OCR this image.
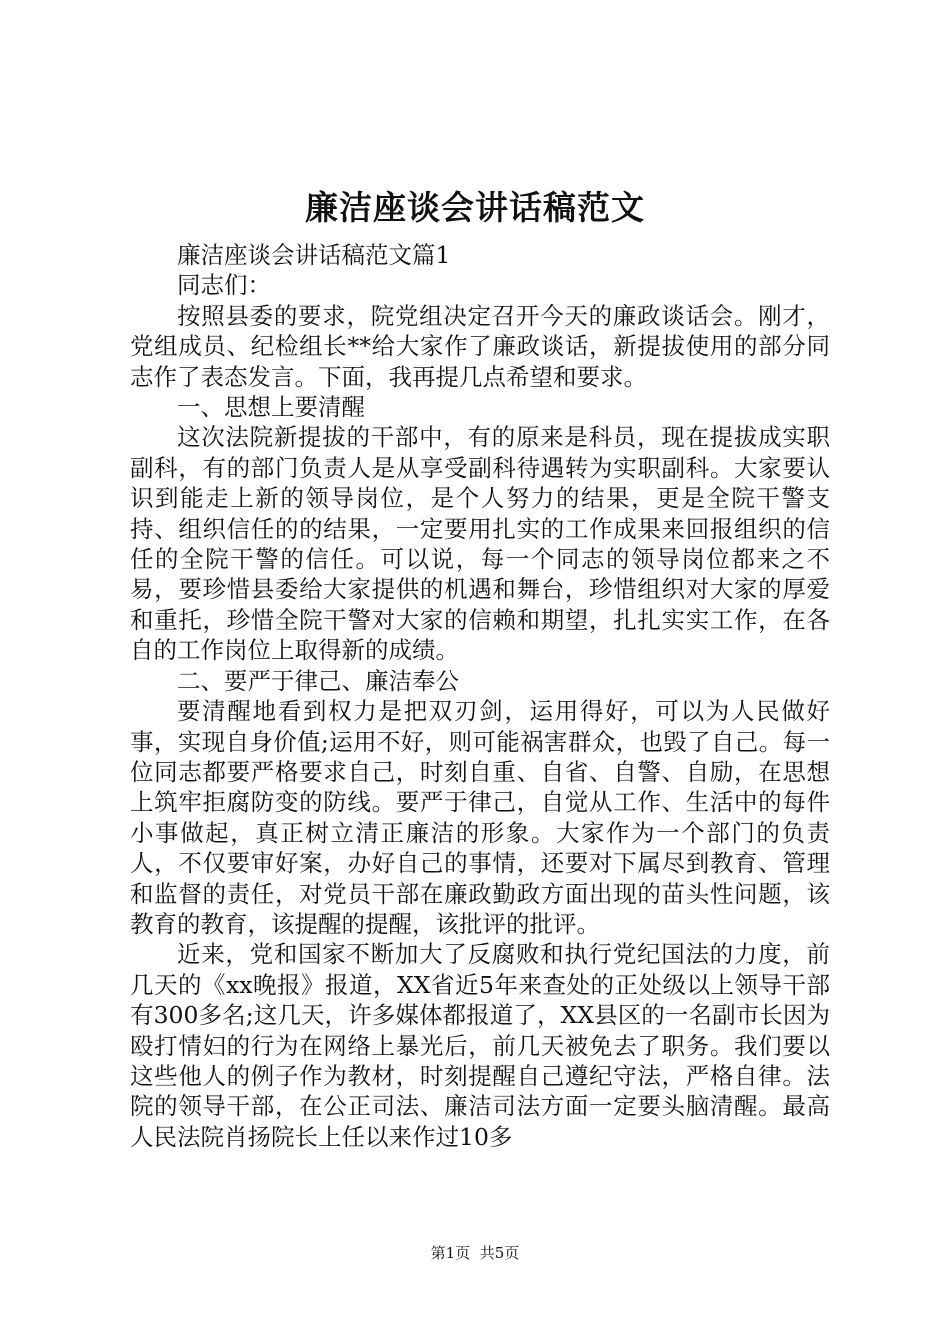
廉洁座谈会讲话稿范文

廉洁座谈会讲话稿范文篇1

同志们：

按照县委的要求，院党组决定召开今天的廉政谈话会。刚才，党组成员、纪检组长**给大家作了廉政谈话，新提拔使用的部分同志作了表态发言。下面，我再提几点希望和要求。

一、思想上要清醒

这次法院新提拔的干部中，有的原来是科员，现在提拔成实职副科，有的部门负责人是从享受副科待遇转为实职副科。大家要认识到能走上新的领导岗位，是个人努力的结果，更是全院干警支持、组织信任的的结果，一定要用扎实的工作成果来回报组织的信任的全院干警的信任。可以说，每一个同志的领导岗位都来之不易，要珍惜县委给大家提供的机遇和舞台，珍惜组织对大家的厚爱和重托，珍惜全院干警对大家的信赖和期望，扎扎实实工作，在各自的工作岗位上取得新的成绩。

二、要严于律己、廉洁奉公

要清醒地看到权力是把双刃剑，运用得好，可以为人民做好事，实现自身价值;运用不好，则可能祸害群众，也毁了自己。每一位同志都要严格要求自己，时刻自重、自省、自警、自励，在思想上筑牢拒腐防变的防线。要严于律己，自觉从工作、生活中的每件小事做起，真正树立清正廉洁的形象。大家作为一个部门的负责人，不仅要审好案，办好自己的事情，还要对下属尽到教育、管理和监督的责任，对党员干部在廉政勤政方面出现的苗头性问题，该教育的教育，该提醒的提醒，该批评的批评。

近来，党和国家不断加大了反腐败和执行党纪国法的力度，前几天的《xx晚报》报道，XX省近5年来查处的正处级以上领导干部有300多名;这几天，许多媒体都报道了，XX县区的一名副市长因为殴打情妇的行为在网络上暴光后，前几天被免去了职务。我们要以这些他人的例子作为教材，时刻提醒自己遵纪守法，严格自律。法院的领导干部，在公正司法、廉洁司法方面一定要头脑清醒。最高人民法院肖扬院长上任以来作过10多

第1页 共5页
